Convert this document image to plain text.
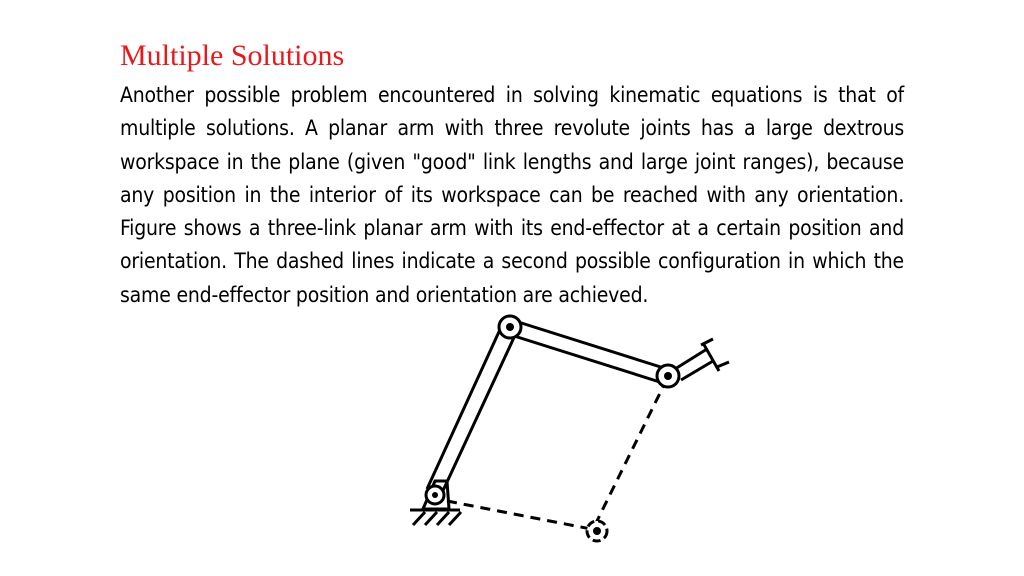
Multiple Solutions
Another possible problem encountered in solving kinematic equations is that of multiple solutions. A planar arm with three revolute joints has a large dextrous workspace in the plane (given "good" link lengths and large joint ranges), because any position in the interior of its workspace can be reached with any orientation. Figure shows a three-link planar arm with its end-effector at a certain position and orientation. The dashed lines indicate a second possible configuration in which the same end-effector position and orientation are achieved.
